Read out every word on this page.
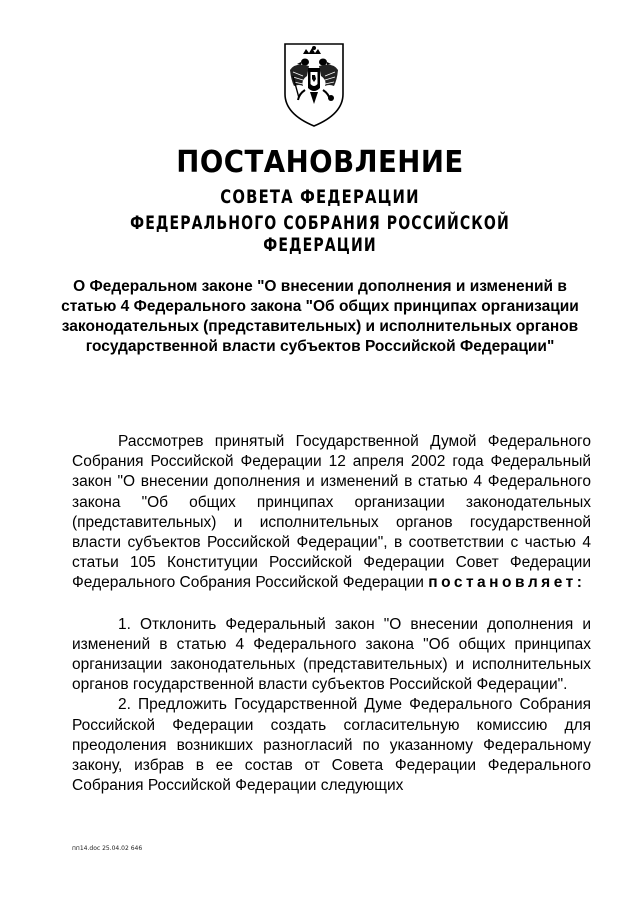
ПОСТАНОВЛЕНИЕ
СОВЕТА ФЕДЕРАЦИИ
ФЕДЕРАЛЬНОГО СОБРАНИЯ РОССИЙСКОЙ ФЕДЕРАЦИИ
О Федеральном законе "О внесении дополнения и изменений в статью 4 Федерального закона "Об общих принципах организации законодательных (представительных) и исполнительных органов государственной власти субъектов Российской Федерации"

Рассмотрев принятый Государственной Думой Федерального Собрания Российской Федерации 12 апреля 2002 года Федеральный закон "О внесении дополнения и изменений в статью 4 Федерального закона "Об общих принципах организации законодательных (представительных) и исполнительных органов государственной власти субъектов Российской Федерации", в соответствии с частью 4 статьи 105 Конституции Российской Федерации Совет Федерации Федерального Собрания Российской Федерации постановляет:

1. Отклонить Федеральный закон "О внесении дополнения и изменений в статью 4 Федерального закона "Об общих принципах организации законодательных (представительных) и исполнительных органов государственной власти субъектов Российской Федерации".

2. Предложить Государственной Думе Федерального Собрания Российской Федерации создать согласительную комиссию для преодоления возникших разногласий по указанному Федеральному закону, избрав в ее состав от Совета Федерации Федерального Собрания Российской Федерации следующих

пп14.doc 25.04.02 646
